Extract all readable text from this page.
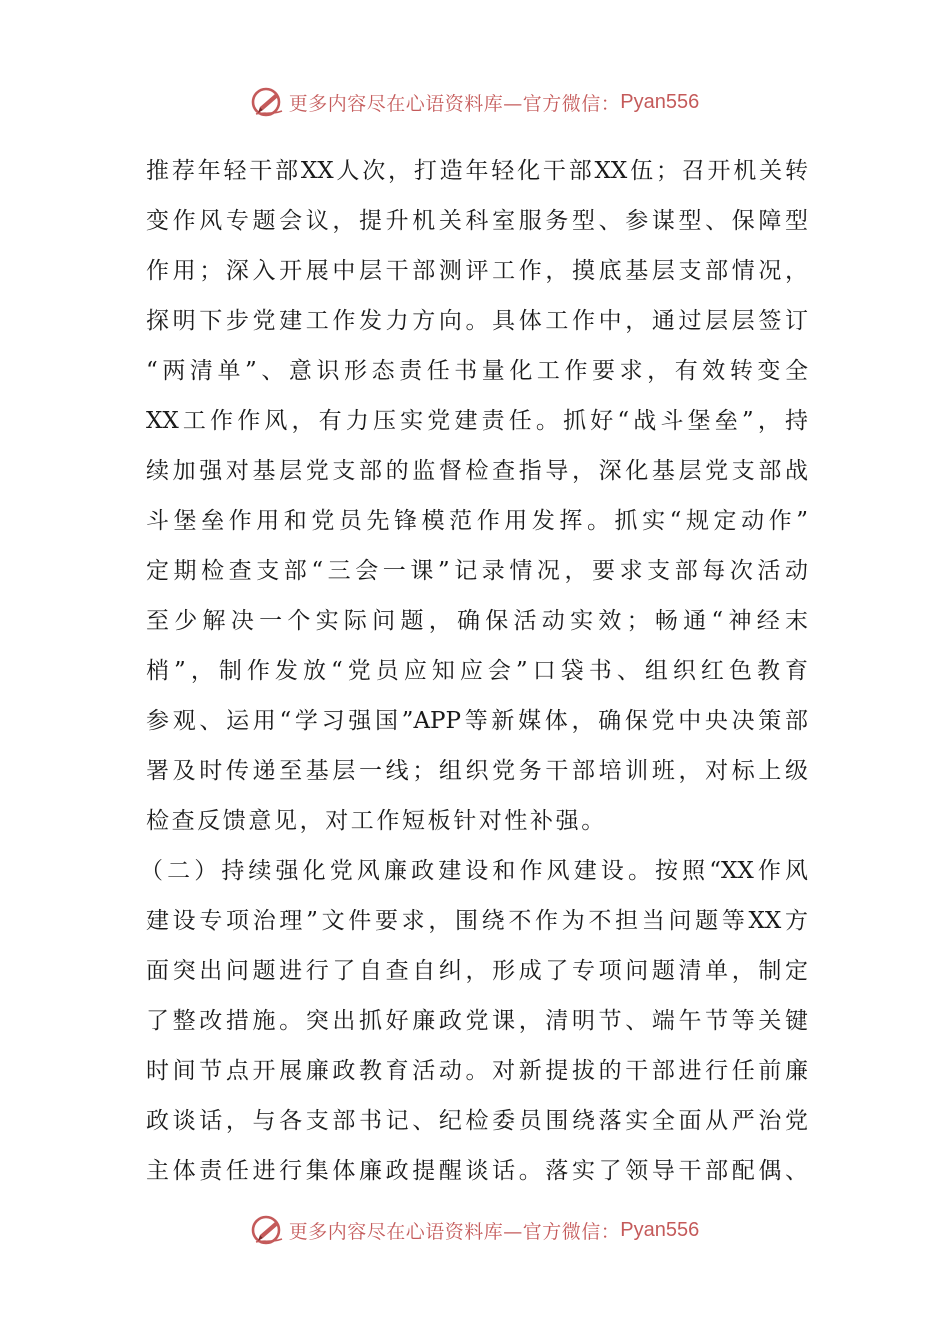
更多内容尽在心语资料库—官方微信： Pyan556
推荐年轻干部XX人次，打造年轻化干部XX伍；召开机关转
变作风专题会议，提升机关科室服务型、参谋型、保障型
作用；深入开展中层干部测评工作，摸底基层支部情况，
探明下步党建工作发力方向。具体工作中，通过层层签订
“两清单”、意识形态责任书量化工作要求，有效转变全
XX工作作风，有力压实党建责任。抓好“战斗堡垒”，持
续加强对基层党支部的监督检查指导，深化基层党支部战
斗堡垒作用和党员先锋模范作用发挥。抓实“规定动作”
定期检查支部“三会一课”记录情况，要求支部每次活动
至少解决一个实际问题，确保活动实效；畅通“神经末
梢”，制作发放“党员应知应会”口袋书、组织红色教育
参观、运用“学习强国”APP等新媒体，确保党中央决策部
署及时传递至基层一线；组织党务干部培训班，对标上级
检查反馈意见，对工作短板针对性补强。
（二）持续强化党风廉政建设和作风建设。按照“XX作风
建设专项治理”文件要求，围绕不作为不担当问题等XX方
面突出问题进行了自查自纠，形成了专项问题清单，制定
了整改措施。突出抓好廉政党课，清明节、端午节等关键
时间节点开展廉政教育活动。对新提拔的干部进行任前廉
政谈话，与各支部书记、纪检委员围绕落实全面从严治党
主体责任进行集体廉政提醒谈话。落实了领导干部配偶、
更多内容尽在心语资料库—官方微信： Pyan556
